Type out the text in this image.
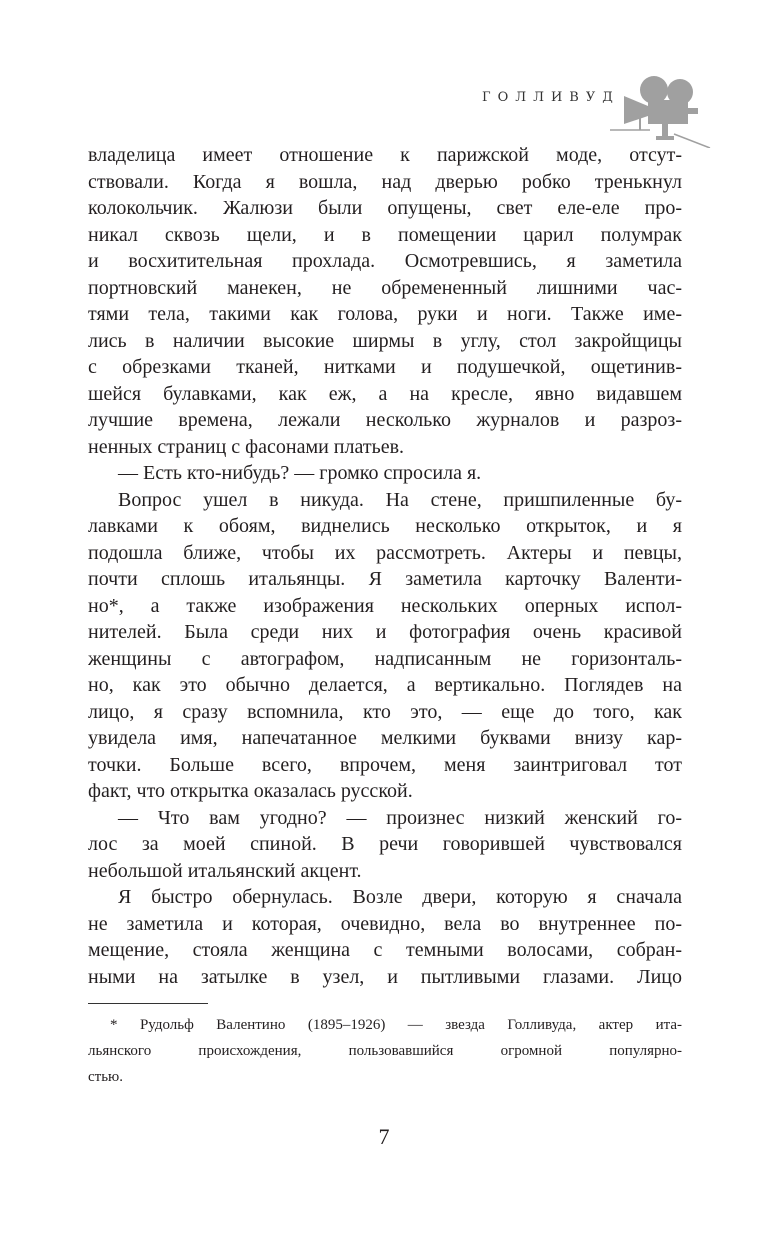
ГОЛЛИВУД
владелица имеет отношение к парижской моде, отсут-
ствовали. Когда я вошла, над дверью робко тренькнул
колокольчик. Жалюзи были опущены, свет еле-еле про-
никал сквозь щели, и в помещении царил полумрак
и восхитительная прохлада. Осмотревшись, я заметила
портновский манекен, не обремененный лишними час-
тями тела, такими как голова, руки и ноги. Также име-
лись в наличии высокие ширмы в углу, стол закройщицы
с обрезками тканей, нитками и подушечкой, ощетинив-
шейся булавками, как еж, а на кресле, явно видавшем
лучшие времена, лежали несколько журналов и разроз-
ненных страниц с фасонами платьев.
— Есть кто-нибудь? — громко спросила я.
Вопрос ушел в никуда. На стене, пришпиленные бу-
лавками к обоям, виднелись несколько открыток, и я
подошла ближе, чтобы их рассмотреть. Актеры и певцы,
почти сплошь итальянцы. Я заметила карточку Валенти-
но*, а также изображения нескольких оперных испол-
нителей. Была среди них и фотография очень красивой
женщины с автографом, надписанным не горизонталь-
но, как это обычно делается, а вертикально. Поглядев на
лицо, я сразу вспомнила, кто это, — еще до того, как
увидела имя, напечатанное мелкими буквами внизу кар-
точки. Больше всего, впрочем, меня заинтриговал тот
факт, что открытка оказалась русской.
— Что вам угодно? — произнес низкий женский го-
лос за моей спиной. В речи говорившей чувствовался
небольшой итальянский акцент.
Я быстро обернулась. Возле двери, которую я сначала
не заметила и которая, очевидно, вела во внутреннее по-
мещение, стояла женщина с темными волосами, собран-
ными на затылке в узел, и пытливыми глазами. Лицо
* Рудольф Валентино (1895–1926) — звезда Голливуда, актер ита-
льянского происхождения, пользовавшийся огромной популярно-
стью.
7
